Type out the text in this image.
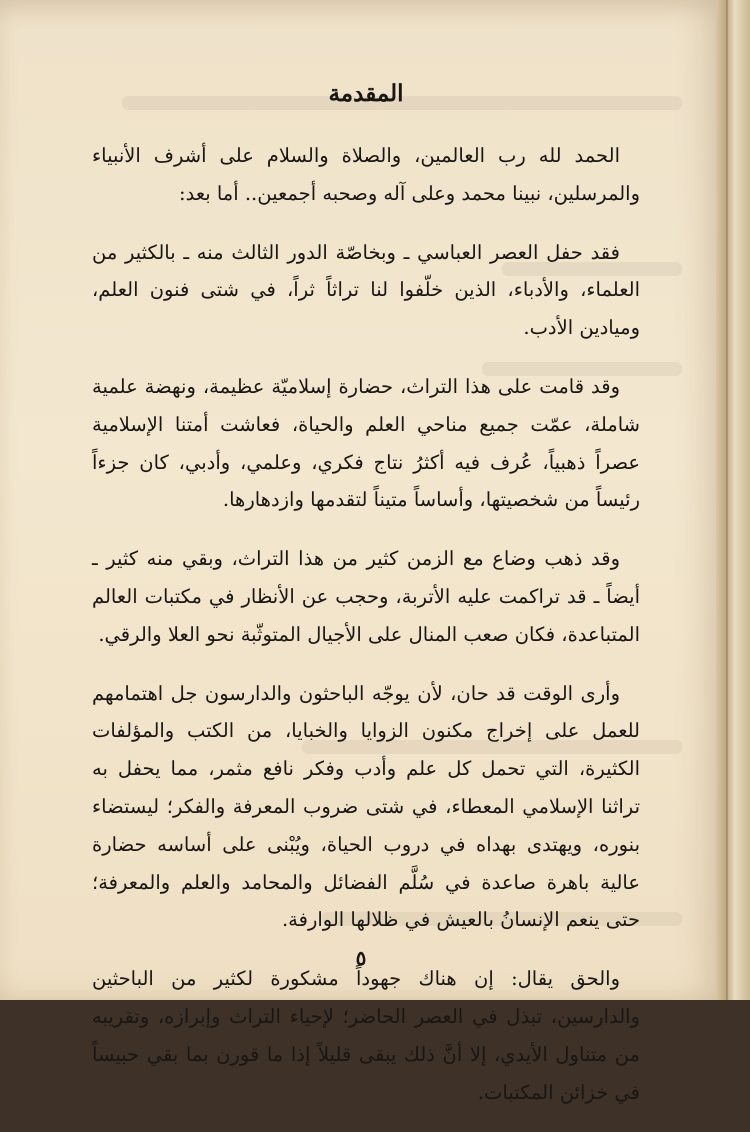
المقدمة

الحمد لله رب العالمين، والصلاة والسلام على أشرف الأنبياء والمرسلين، نبينا محمد وعلى آله وصحبه أجمعين.. أما بعد:

فقد حفل العصر العباسي ـ وبخاصّة الدور الثالث منه ـ بالكثير من العلماء، والأدباء، الذين خلّفوا لنا تراثاً ثراً، في شتى فنون العلم، وميادين الأدب.

وقد قامت على هذا التراث، حضارة إسلاميّة عظيمة، ونهضة علمية شاملة، عمّت جميع مناحي العلم والحياة، فعاشت أمتنا الإسلامية عصراً ذهبياً، عُرف فيه أكثرُ نتاج فكري، وعلمي، وأدبي، كان جزءاً رئيساً من شخصيتها، وأساساً متيناً لتقدمها وازدهارها.

وقد ذهب وضاع مع الزمن كثير من هذا التراث، وبقي منه كثير ـ أيضاً ـ قد تراكمت عليه الأتربة، وحجب عن الأنظار في مكتبات العالم المتباعدة، فكان صعب المنال على الأجيال المتوثّبة نحو العلا والرقي.

وأرى الوقت قد حان، لأن يوجّه الباحثون والدارسون جل اهتمامهم للعمل على إخراج مكنون الزوايا والخبايا، من الكتب والمؤلفات الكثيرة، التي تحمل كل علم وأدب وفكر نافع مثمر، مما يحفل به تراثنا الإسلامي المعطاء، في شتى ضروب المعرفة والفكر؛ ليستضاء بنوره، ويهتدى بهداه في دروب الحياة، ويُبْنى على أساسه حضارة عالية باهرة صاعدة في سُلَّم الفضائل والمحامد والعلم والمعرفة؛ حتى ينعم الإنسانُ بالعيش في ظلالها الوارفة.

والحق يقال: إن هناك جهوداً مشكورة لكثير من الباحثين والدارسين، تبذل في العصر الحاضر؛ لإحياء التراث وإبرازه، وتقريبه من متناول الأيدي، إلا أنَّ ذلك يبقى قليلاً إذا ما قورن بما بقي حبيساً في خزائن المكتبات.

٥
